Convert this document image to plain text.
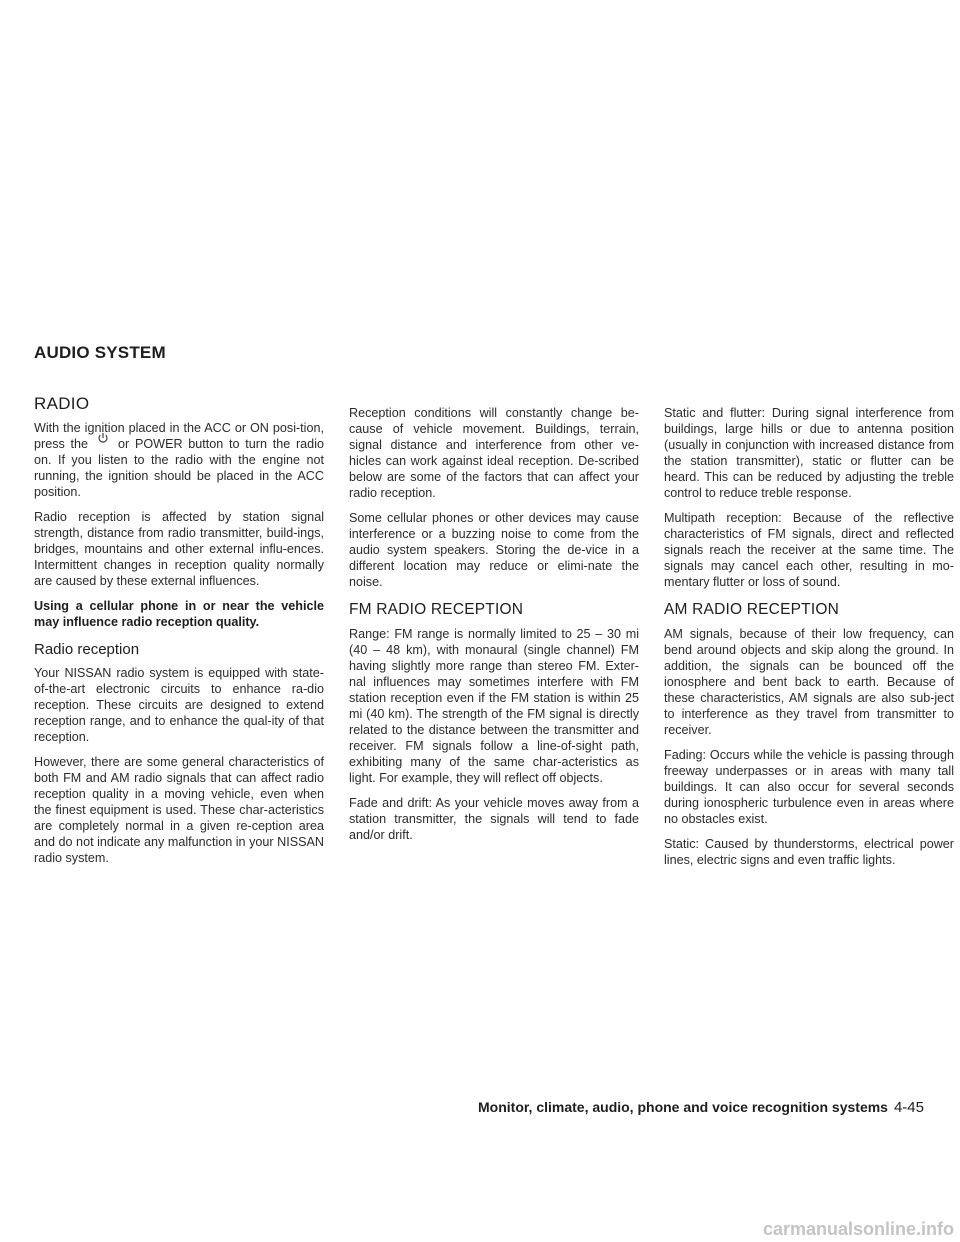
AUDIO SYSTEM
RADIO

With the ignition placed in the ACC or ON posi-tion, press the or POWER button to turn the radio on. If you listen to the radio with the engine not running, the ignition should be placed in the ACC position.

Radio reception is affected by station signal strength, distance from radio transmitter, build-ings, bridges, mountains and other external influ-ences. Intermittent changes in reception quality normally are caused by these external influences.

Using a cellular phone in or near the vehicle may influence radio reception quality.

Radio reception

Your NISSAN radio system is equipped with state-of-the-art electronic circuits to enhance ra-dio reception. These circuits are designed to extend reception range, and to enhance the qual-ity of that reception.

However, there are some general characteristics of both FM and AM radio signals that can affect radio reception quality in a moving vehicle, even when the finest equipment is used. These char-acteristics are completely normal in a given re-ception area and do not indicate any malfunction in your NISSAN radio system.

Reception conditions will constantly change be-cause of vehicle movement. Buildings, terrain, signal distance and interference from other ve-hicles can work against ideal reception. De-scribed below are some of the factors that can affect your radio reception.

Some cellular phones or other devices may cause interference or a buzzing noise to come from the audio system speakers. Storing the de-vice in a different location may reduce or elimi-nate the noise.

FM RADIO RECEPTION

Range: FM range is normally limited to 25 – 30 mi (40 – 48 km), with monaural (single channel) FM having slightly more range than stereo FM. Exter-nal influences may sometimes interfere with FM station reception even if the FM station is within 25 mi (40 km). The strength of the FM signal is directly related to the distance between the transmitter and receiver. FM signals follow a line-of-sight path, exhibiting many of the same char-acteristics as light. For example, they will reflect off objects.

Fade and drift: As your vehicle moves away from a station transmitter, the signals will tend to fade and/or drift.

Static and flutter: During signal interference from buildings, large hills or due to antenna position (usually in conjunction with increased distance from the station transmitter), static or flutter can be heard. This can be reduced by adjusting the treble control to reduce treble response.

Multipath reception: Because of the reflective characteristics of FM signals, direct and reflected signals reach the receiver at the same time. The signals may cancel each other, resulting in mo-mentary flutter or loss of sound.

AM RADIO RECEPTION

AM signals, because of their low frequency, can bend around objects and skip along the ground. In addition, the signals can be bounced off the ionosphere and bent back to earth. Because of these characteristics, AM signals are also sub-ject to interference as they travel from transmitter to receiver.

Fading: Occurs while the vehicle is passing through freeway underpasses or in areas with many tall buildings. It can also occur for several seconds during ionospheric turbulence even in areas where no obstacles exist.

Static: Caused by thunderstorms, electrical power lines, electric signs and even traffic lights.

Monitor, climate, audio, phone and voice recognition systems 4-45
carmanualsonline.info
